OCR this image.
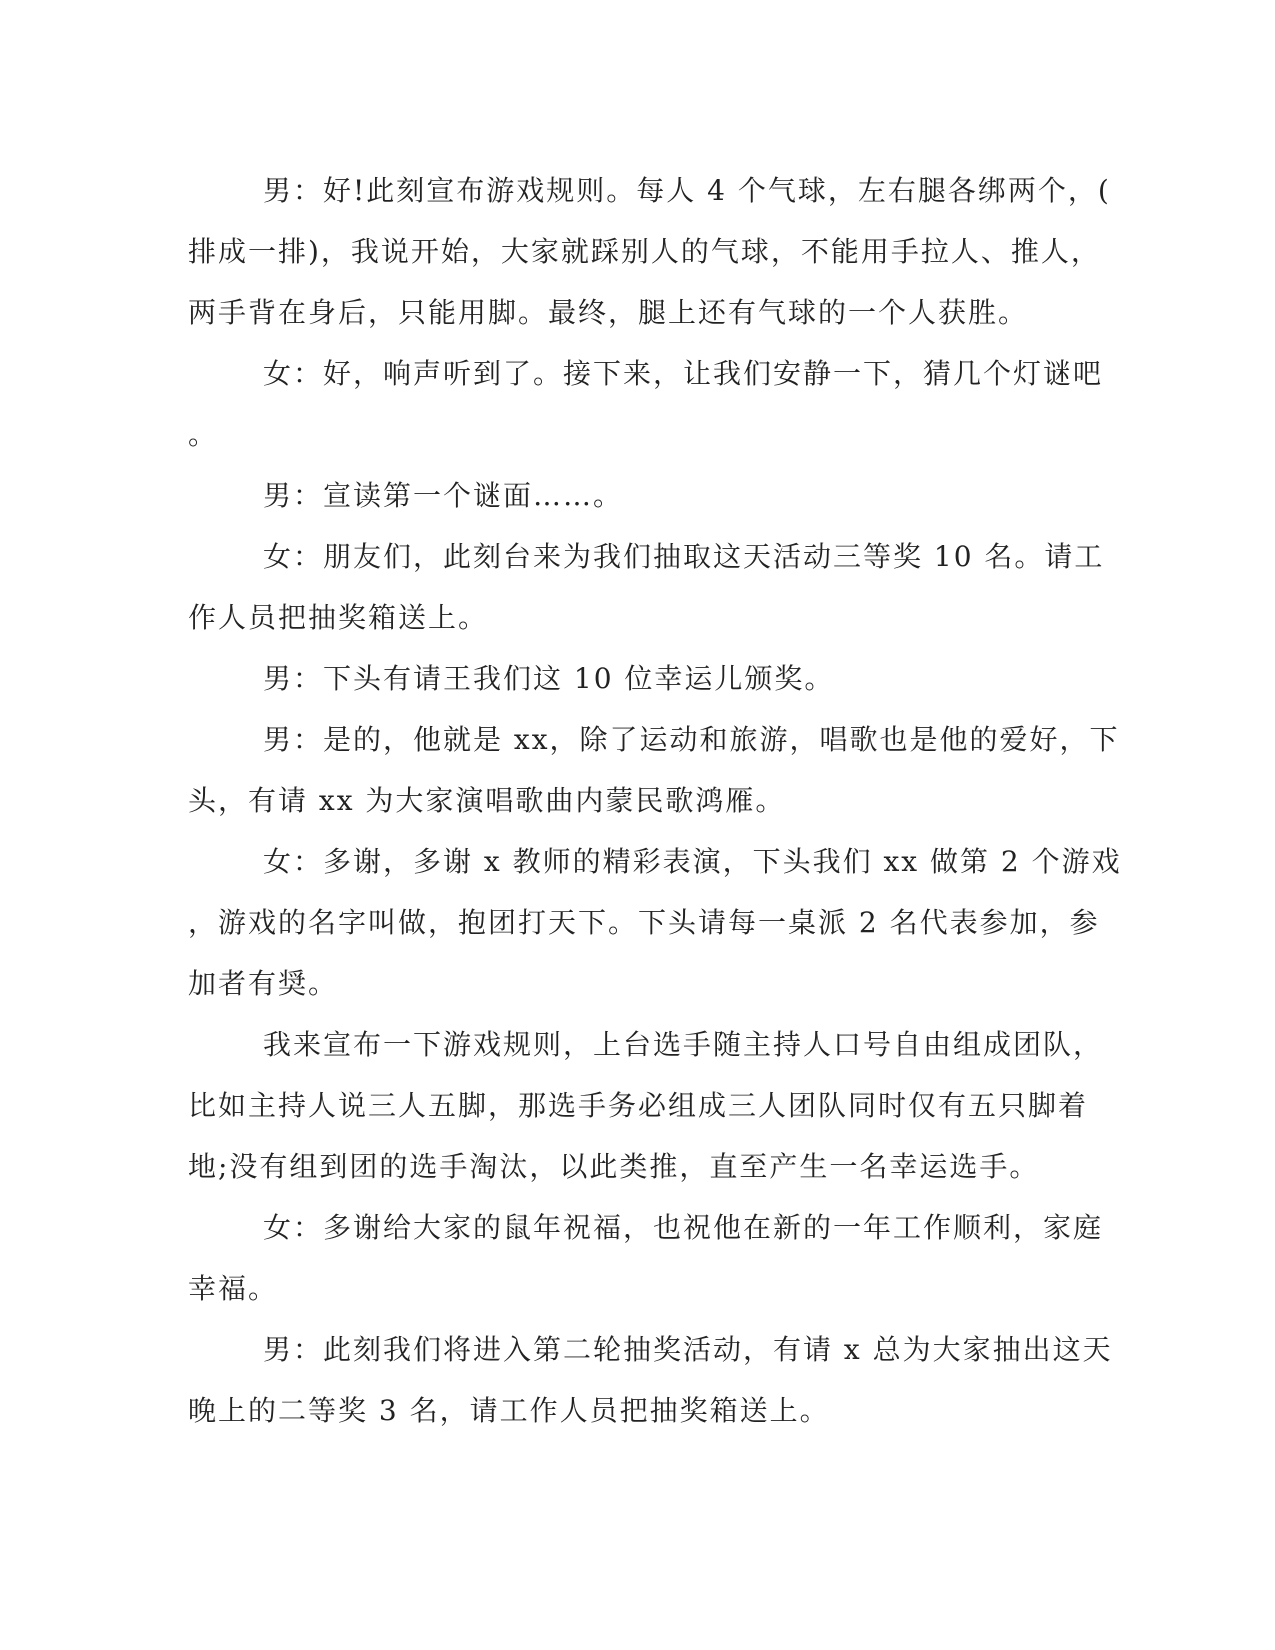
男：好!此刻宣布游戏规则。每人 4 个气球，左右腿各绑两个，(
排成一排)，我说开始，大家就踩别人的气球，不能用手拉人、推人，
两手背在身后，只能用脚。最终，腿上还有气球的一个人获胜。
女：好，响声听到了。接下来，让我们安静一下，猜几个灯谜吧
。
男：宣读第一个谜面……。
女：朋友们，此刻台来为我们抽取这天活动三等奖 10 名。请工
作人员把抽奖箱送上。
男：下头有请王我们这 10 位幸运儿颁奖。
男：是的，他就是 xx，除了运动和旅游，唱歌也是他的爱好，下
头，有请 xx 为大家演唱歌曲内蒙民歌鸿雁。
女：多谢，多谢 x 教师的精彩表演，下头我们 xx 做第 2 个游戏
，游戏的名字叫做，抱团打天下。下头请每一桌派 2 名代表参加，参
加者有奨。
我来宣布一下游戏规则，上台选手随主持人口号自由组成团队，
比如主持人说三人五脚，那选手务必组成三人团队同时仅有五只脚着
地;没有组到团的选手淘汰，以此类推，直至产生一名幸运选手。
女：多谢给大家的鼠年祝福，也祝他在新的一年工作顺利，家庭
幸福。
男：此刻我们将进入第二轮抽奖活动，有请 x 总为大家抽出这天
晚上的二等奖 3 名，请工作人员把抽奖箱送上。
